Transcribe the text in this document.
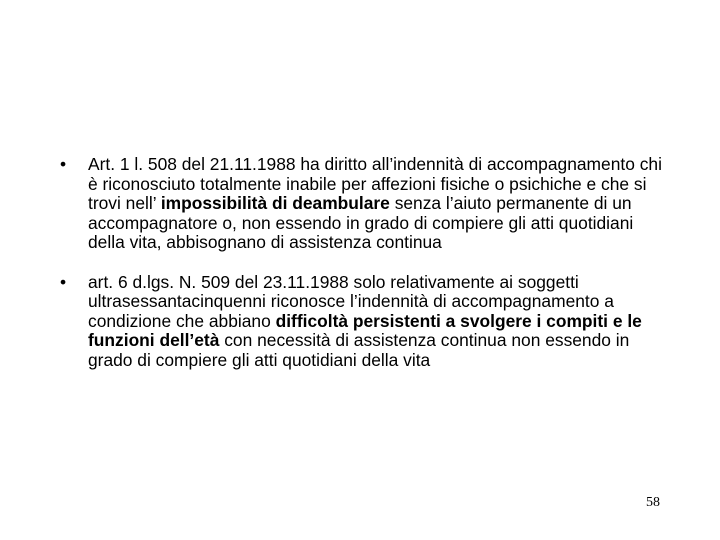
•	Art. 1 l. 508 del 21.11.1988 ha diritto all’indennità di accompagnamento chi è riconosciuto totalmente inabile per affezioni fisiche o psichiche e che si trovi nell’ impossibilità di deambulare senza l’aiuto permanente di un accompagnatore o, non essendo in grado di compiere gli atti quotidiani della vita, abbisognano di assistenza continua
•	art. 6 d.lgs. N. 509 del 23.11.1988 solo relativamente ai soggetti ultrasessantacinquenni riconosce l’indennità di accompagnamento a condizione che abbiano difficoltà persistenti a svolgere i compiti e le funzioni dell’età con necessità di assistenza continua non essendo in grado di compiere gli atti quotidiani della vita
58
